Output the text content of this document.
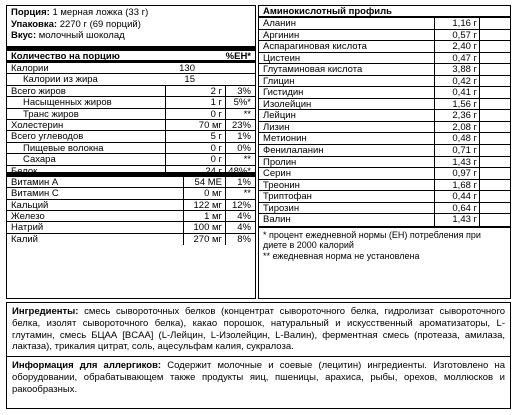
Порция: 1 мерная ложка (33 г)
Упаковка: 2270 г (69 порций)
Вкус: молочный шоколад
Количество на порцию	%ЕН*
Калории	130
Калории из жира	15
Всего жиров	2 г 3%
Насыщенных жиров	1 г 5%*
Транс жиров	0 г **
Холестерин	70 мг 23%
Всего углеводов	5 г 1%
Пищевые волокна	0 г 0%
Сахара	0 г **
Белок	24 г 48%*
Витамин А	54 МЕ 1%
Витамин С	0 мг **
Кальций	122 мг 12%
Железо	1 мг 4%
Натрий	100 мг 4%
Калий	270 мг 8%
Аминокислотный профиль
Аланин	1,16 г
Аргинин	0,57 г
Аспарагиновая кислота	2,40 г
Цистеин	0,47 г
Глутаминовая кислота	3,88 г
Глицин	0,42 г
Гистидин	0,41 г
Изолейцин	1,56 г
Лейцин	2,36 г
Лизин	2,08 г
Метионин	0,48 г
Фенилаланин	0,71 г
Пролин	1,43 г
Серин	0,97 г
Треонин	1,68 г
Триптофан	0,44 г
Тирозин	0,64 г
Валин	1,43 г
* процент ежедневной нормы (ЕН) потребления при диете в 2000 калорий
** ежедневная норма не установлена
Ингредиенты: смесь сывороточных белков (концентрат сывороточного белка, гидролизат сывороточного белка, изолят сывороточного белка), какао порошок, натуральный и искусственный ароматизаторы, L-глутамин, смесь БЦАА [BCAA] (L-Лейцин, L-Изолейцин, L-Валин), ферментная смесь (протеаза, амилаза, лактаза), трикалия цитрат, соль, ацесульфам калия, сукралоза.
Информация для аллергиков: Содержит молочные и соевые (лецитин) ингредиенты. Изготовлено на оборудовании, обрабатывающем также продукты яиц, пшеницы, арахиса, рыбы, орехов, моллюсков и ракообразных.
